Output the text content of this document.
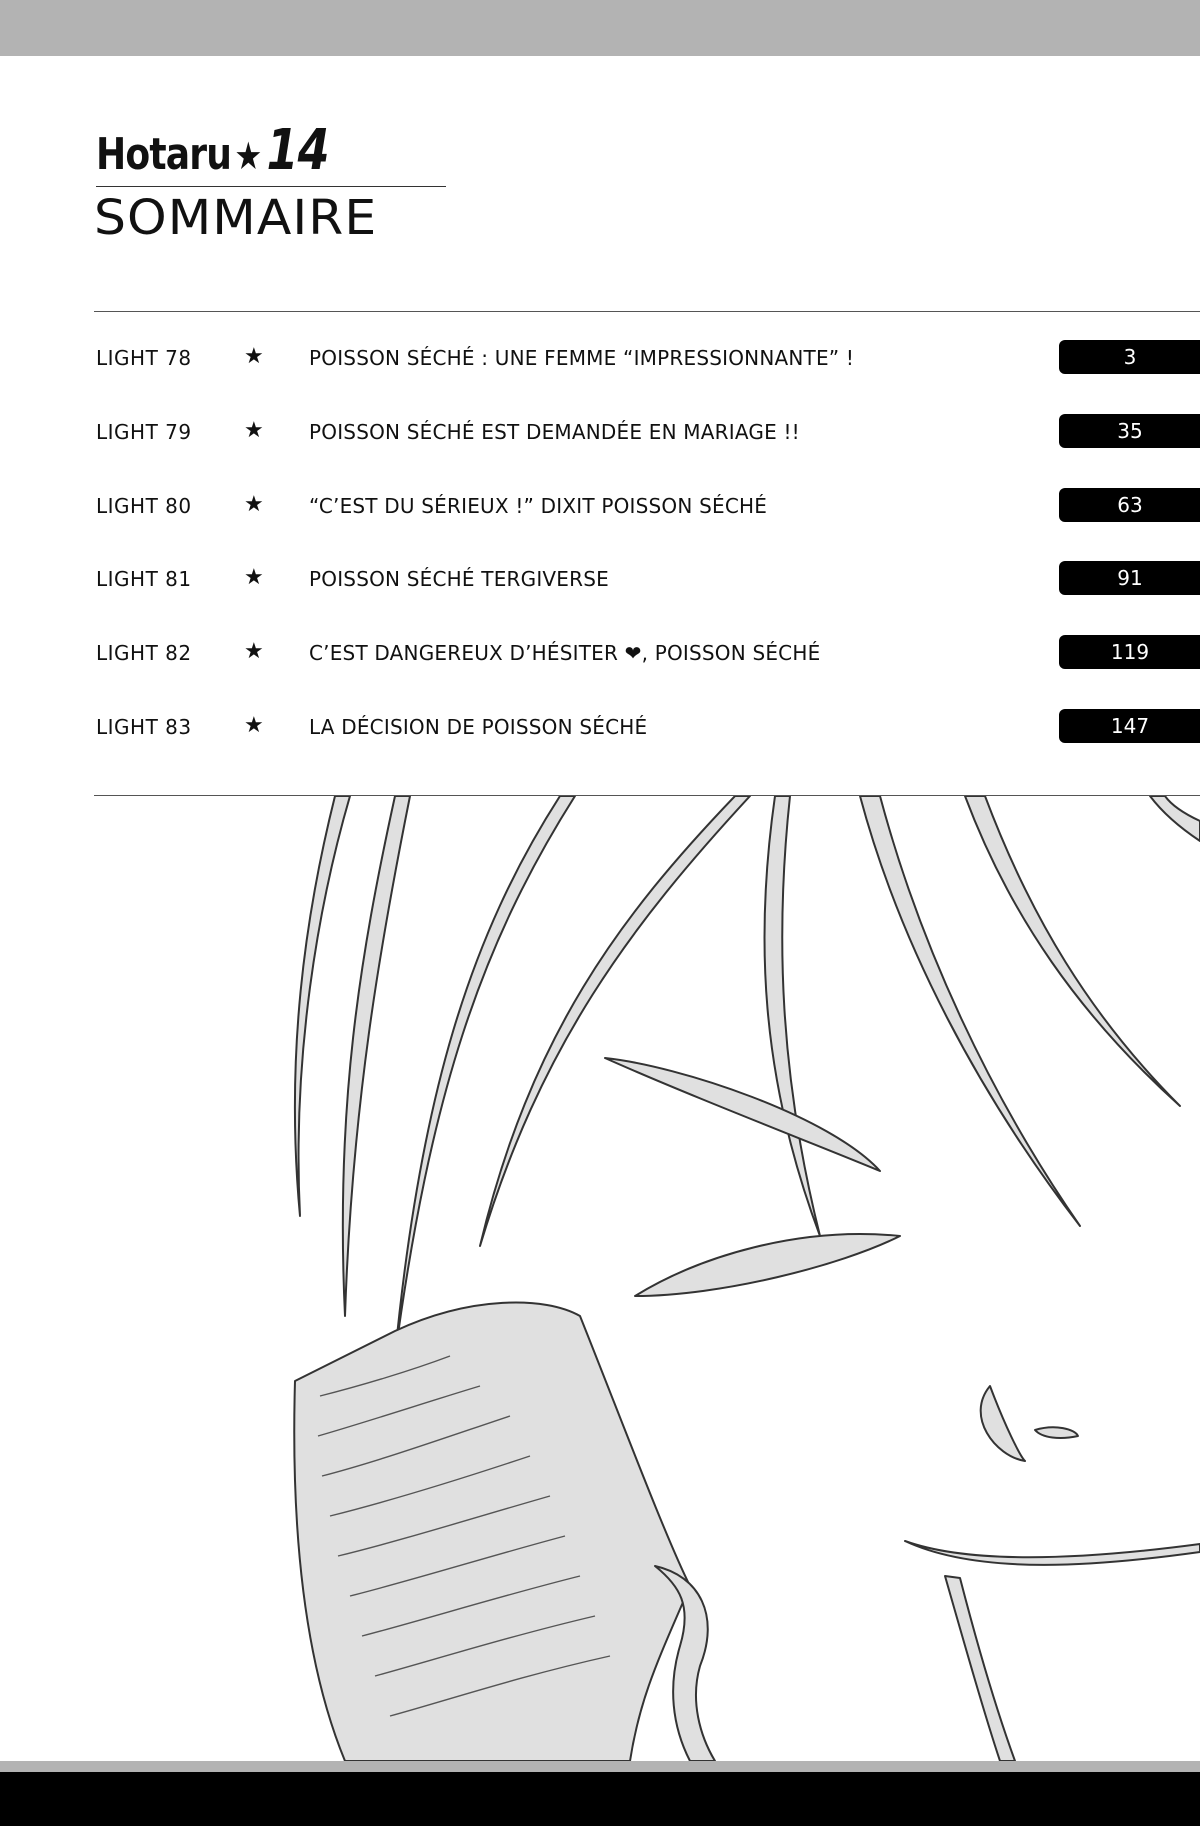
Hotaru ★ 14
SOMMAIRE
LIGHT 78 ★ POISSON SÉCHÉ : UNE FEMME “IMPRESSIONNANTE” !	3
LIGHT 79 ★ POISSON SÉCHÉ EST DEMANDÉE EN MARIAGE !!	35
LIGHT 80 ★ “C’EST DU SÉRIEUX !” DIXIT POISSON SÉCHÉ	63
LIGHT 81 ★ POISSON SÉCHÉ TERGIVERSE	91
LIGHT 82 ★ C’EST DANGEREUX D’HÉSITER ❤, POISSON SÉCHÉ	119
LIGHT 83 ★ LA DÉCISION DE POISSON SÉCHÉ	147
